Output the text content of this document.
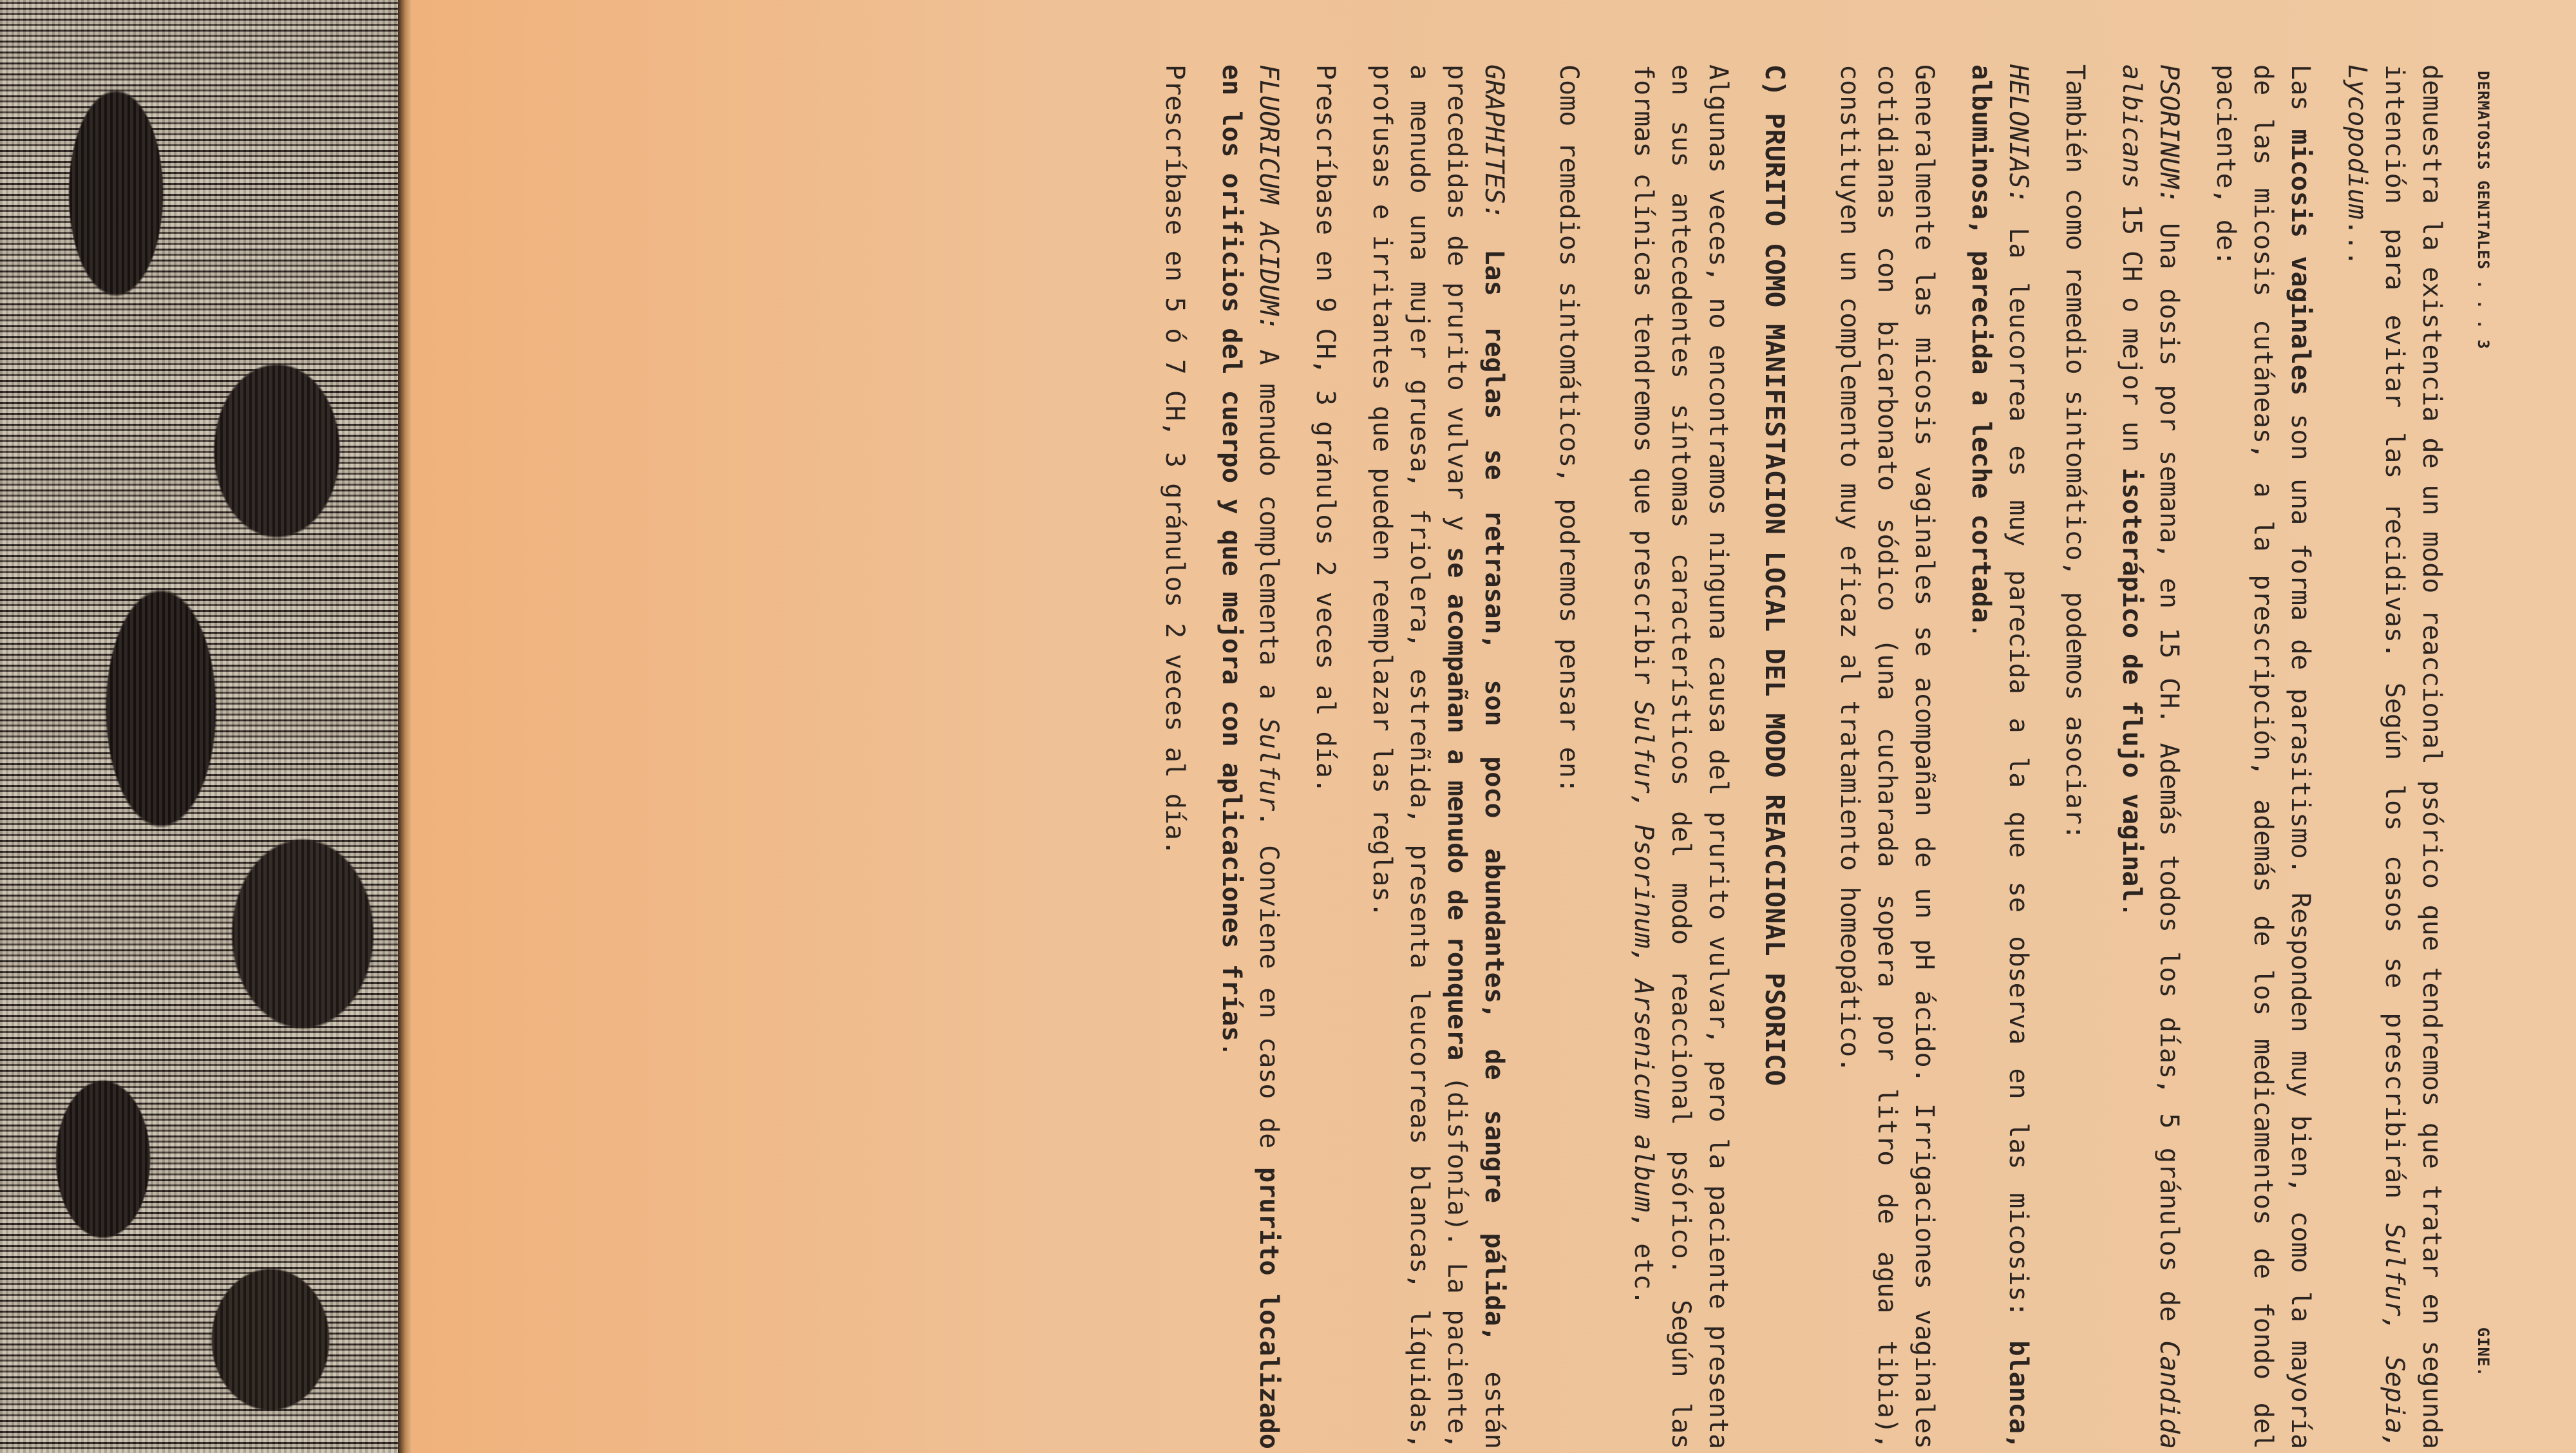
DERMATOSIS GENITALES . . . 3
GINE.

demuestra la existencia de un modo reaccional psórico que tendremos que tratar en segunda intención para evitar las recidivas. Según los casos se prescribirán Sulfur, Sepia, Lycopodium...

Las micosis vaginales son una forma de parasitismo. Responden muy bien, como la mayoría de las micosis cutáneas, a la prescripción, además de los medicamentos de fondo del paciente, de:

PSORINUM: Una dosis por semana, en 15 CH. Además todos los días, 5 gránulos de Candida albicans 15 CH o mejor un isoterápico de flujo vaginal.

También como remedio sintomático, podemos asociar:

HELONIAS: La leucorrea es muy parecida a la que se observa en las micosis: blanca, albuminosa, parecida a leche cortada.

Generalmente las micosis vaginales se acompañan de un pH ácido. Irrigaciones vaginales cotidianas con bicarbonato sódico (una cucharada sopera por litro de agua tibia), constituyen un complemento muy eficaz al tratamiento homeopático.

C) PRURITO COMO MANIFESTACION LOCAL DEL MODO REACCIONAL PSORICO

Algunas veces, no encontramos ninguna causa del prurito vulvar, pero la paciente presenta en sus antecedentes síntomas característicos del modo reaccional psórico. Según las formas clínicas tendremos que prescribir Sulfur, Psorinum, Arsenicum album, etc.

Como remedios sintomáticos, podremos pensar en:

GRAPHITES: Las reglas se retrasan, son poco abundantes, de sangre pálida, están precedidas de prurito vulvar y se acompañan a menudo de ronquera (disfonía). La paciente, a menudo una mujer gruesa, friolera, estreñida, presenta leucorreas blancas, líquidas, profusas e irritantes que pueden reemplazar las reglas.

Prescríbase en 9 CH, 3 gránulos 2 veces al día.

FLUORICUM ACIDUM: A menudo complementa a Sulfur. Conviene en caso de prurito localizado en los orificios del cuerpo y que mejora con aplicaciones frías.

Prescríbase en 5 ó 7 CH, 3 gránulos 2 veces al día.
